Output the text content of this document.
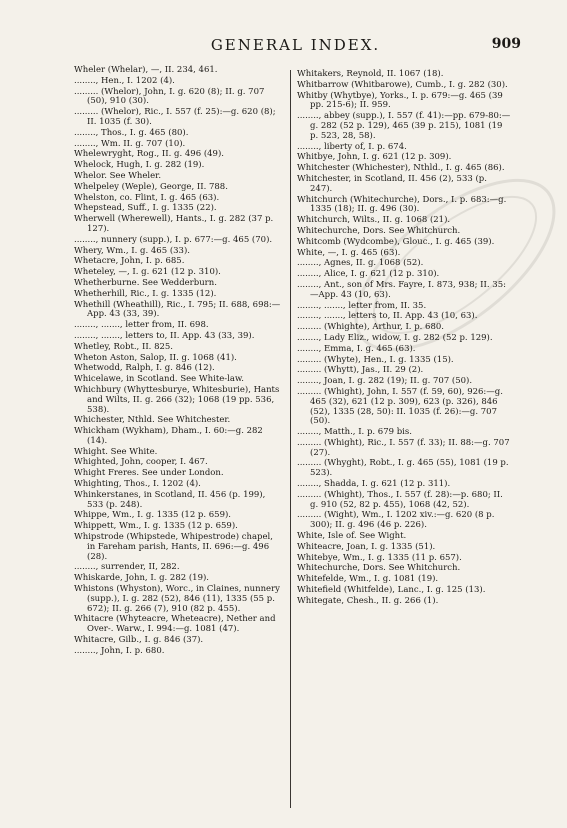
GENERAL INDEX.	909
Wheler (Whelar), —, II. 234, 461.
........, Hen., I. 1202 (4).
......... (Whelor), John, I. g. 620 (8); II. g. 707 (50), 910 (30).
......... (Whelor), Ric., I. 557 (f. 25):—g. 620 (8); II. 1035 (f. 30).
........, Thos., I. g. 465 (80).
........, Wm. II. g. 707 (10).
Whelewryght, Rog., II. g. 496 (49).
Whelock, Hugh, I. g. 282 (19).
Whelor. See Wheler.
Whelpeley (Weple), George, II. 788.
Whelston, co. Flint, I. g. 465 (63).
Whepstead, Suff., I. g. 1335 (22).
Wherwell (Wherewell), Hants., I. g. 282 (37 p. 127).
........, nunnery (supp.), I. p. 677:—g. 465 (70).
Whery, Wm., I. g. 465 (33).
Whetacre, John, I. p. 685.
Wheteley, —, I. g. 621 (12 p. 310).
Whetherburne. See Wedderburn.
Whetherhill, Ric., I. g. 1335 (12).
Whethill (Wheathill), Ric., I. 795; II. 688, 698:—App. 43 (33, 39).
........, ......., letter from, II. 698.
........, ......., letters to, II. App. 43 (33, 39).
Whetley, Robt., II. 825.
Wheton Aston, Salop, II. g. 1068 (41).
Whetwodd, Ralph, I. g. 846 (12).
Whicelawe, in Scotland. See White-law.
Whichbury (Whyttesburye, Whitesburie), Hants and Wilts, II. g. 266 (32); 1068 (19 pp. 536, 538).
Whichester, Nthld. See Whitchester.
Whickham (Wykham), Dham., I. 60:—g. 282 (14).
Whight. See White.
Whighted, John, cooper, I. 467.
Whight Freres. See under London.
Whighting, Thos., I. 1202 (4).
Whinkerstanes, in Scotland, II. 456 (p. 199), 533 (p. 248).
Whippe, Wm., I. g. 1335 (12 p. 659).
Whippett, Wm., I. g. 1335 (12 p. 659).
Whipstrode (Whipstede, Whipestrode) chapel, in Fareham parish, Hants, II. 696:—g. 496 (28).
........, surrender, II, 282.
Whiskarde, John, I. g. 282 (19).
Whistons (Whyston), Worc., in Claines, nunnery (supp.), I. g. 282 (52), 846 (11), 1335 (55 p. 672); II. g. 266 (7), 910 (82 p. 455).
Whitacre (Whyteacre, Wheteacre), Nether and Over-. Warw., I. 994:—g. 1081 (47).
Whitacre, Gilb., I. g. 846 (37).
........, John, I. p. 680.
Whitakers, Reynold, II. 1067 (18).
Whitbarrow (Whitbarowe), Cumb., I. g. 282 (30).
Whitby (Whytbye), Yorks., I. p. 679:—g. 465 (39 pp. 215-6); II. 959.
........, abbey (supp.), I. 557 (f. 41):—pp. 679-80:—g. 282 (52 p. 129), 465 (39 p. 215), 1081 (19 p. 523, 28, 58).
........, liberty of, I. p. 674.
Whitbye, John, I. g. 621 (12 p. 309).
Whitchester (Whichester), Nthld., I. g. 465 (86).
Whitchester, in Scotland, II. 456 (2), 533 (p. 247).
Whitchurch (Whitechurche), Dors., I. p. 683:—g. 1335 (18); II. g. 496 (30).
Whitchurch, Wilts., II. g. 1068 (21).
Whitechurche, Dors. See Whitchurch.
Whitcomb (Wydcombe), Glouc., I. g. 465 (39).
White, —, I. g. 465 (63).
........, Agnes, II. g. 1068 (52).
........, Alice, I. g. 621 (12 p. 310).
........, Ant., son of Mrs. Fayre, I. 873, 938; II. 35:—App. 43 (10, 63).
........, ......., letter from, II. 35.
........, ......., letters to, II. App. 43 (10, 63).
......... (Whighte), Arthur, I. p. 680.
........, Lady Eliz., widow, I. g. 282 (52 p. 129).
........, Emma, I. g. 465 (63).
......... (Whyte), Hen., I. g. 1335 (15).
......... (Whytt), Jas., II. 29 (2).
........, Joan, I. g. 282 (19); II. g. 707 (50).
......... (Whight), John, I. 557 (f. 59, 60), 926:—g. 465 (32), 621 (12 p. 309), 623 (p. 326), 846 (52), 1335 (28, 50): II. 1035 (f. 26):—g. 707 (50).
........, Matth., I. p. 679 bis.
......... (Whight), Ric., I. 557 (f. 33); II. 88:—g. 707 (27).
......... (Whyght), Robt., I. g. 465 (55), 1081 (19 p. 523).
........, Shadda, I. g. 621 (12 p. 311).
......... (Whight), Thos., I. 557 (f. 28):—p. 680; II. g. 910 (52, 82 p. 455), 1068 (42, 52).
......... (Wight), Wm., I. 1202 xiv.:—g. 620 (8 p. 300); II. g. 496 (46 p. 226).
White, Isle of. See Wight.
Whiteacre, Joan, I. g. 1335 (51).
Whitebye, Wm., I. g. 1335 (11 p. 657).
Whitechurche, Dors. See Whitchurch.
Whitefelde, Wm., I. g. 1081 (19).
Whitefield (Whitfelde), Lanc., I. g. 125 (13).
Whitegate, Chesh., II. g. 266 (1).
